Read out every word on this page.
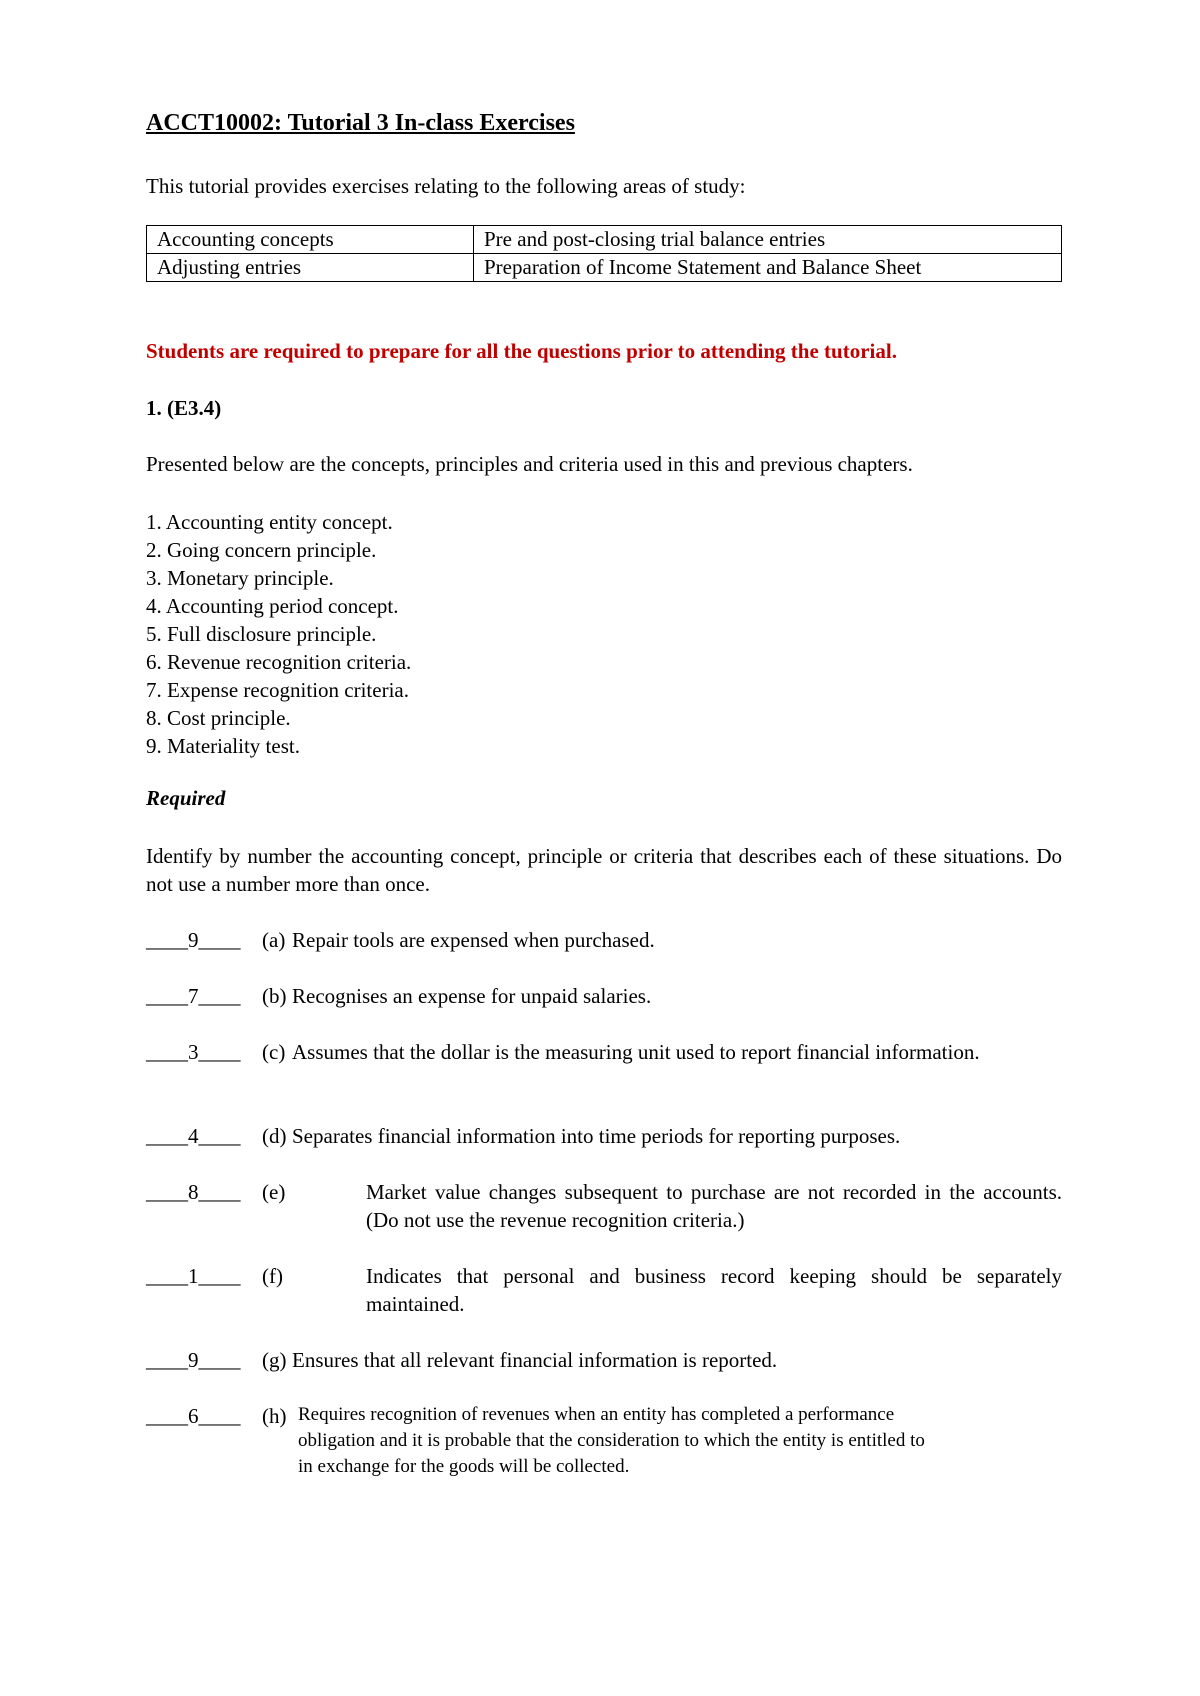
ACCT10002: Tutorial 3 In-class Exercises
This tutorial provides exercises relating to the following areas of study:
Accounting concepts	Pre and post-closing trial balance entries
Adjusting entries	Preparation of Income Statement and Balance Sheet
Students are required to prepare for all the questions prior to attending the tutorial.
1. (E3.4)
Presented below are the concepts, principles and criteria used in this and previous chapters.
1. Accounting entity concept.
2. Going concern principle.
3. Monetary principle.
4. Accounting period concept.
5. Full disclosure principle.
6. Revenue recognition criteria.
7. Expense recognition criteria.
8. Cost principle.
9. Materiality test.
Required
Identify by number the accounting concept, principle or criteria that describes each of these situations. Do not use a number more than once.
____9____ (a) Repair tools are expensed when purchased.
____7____ (b) Recognises an expense for unpaid salaries.
____3____ (c) Assumes that the dollar is the measuring unit used to report financial information.
____4____ (d) Separates financial information into time periods for reporting purposes.
____8____ (e)	Market value changes subsequent to purchase are not recorded in the accounts. (Do not use the revenue recognition criteria.)
____1____ (f)	Indicates that personal and business record keeping should be separately maintained.
____9____ (g) Ensures that all relevant financial information is reported.
____6____ (h) Requires recognition of revenues when an entity has completed a performance obligation and it is probable that the consideration to which the entity is entitled to in exchange for the goods will be collected.
